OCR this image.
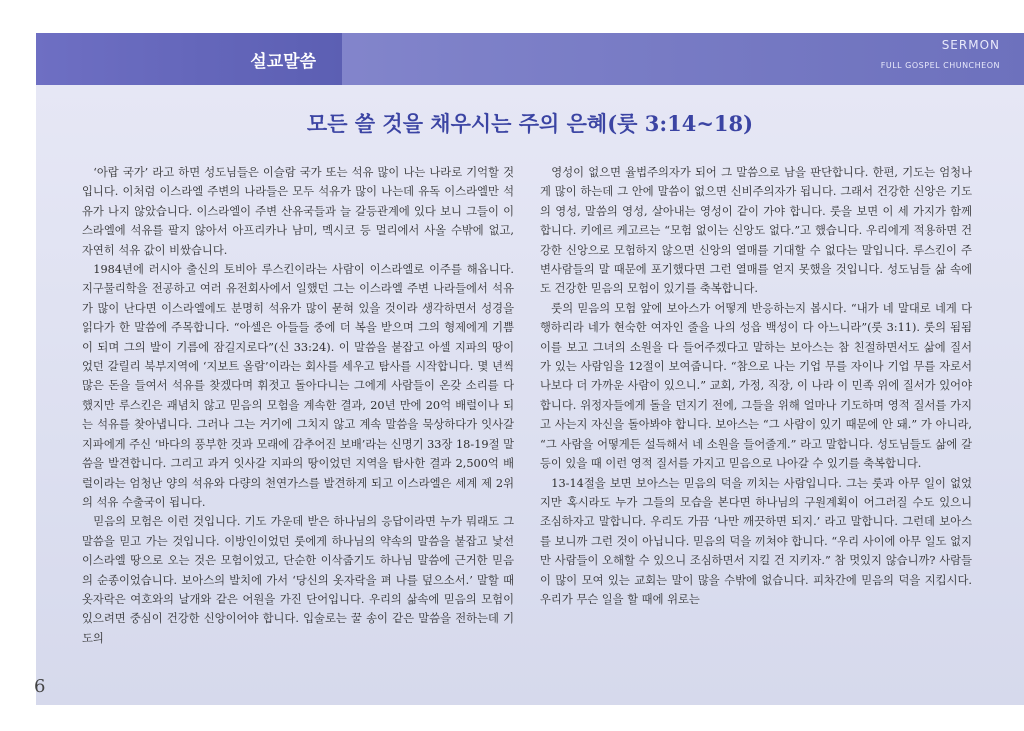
설교말씀
SERMON
FULL GOSPEL CHUNCHEON
모든 쓸 것을 채우시는 주의 은혜(룻 3:14~18)

‘아랍 국가’ 라고 하면 성도님들은 이슬람 국가 또는 석유 많이 나는 나라로 기억할 것입니다. 이처럼 이스라엘 주변의 나라들은 모두 석유가 많이 나는데 유독 이스라엘만 석유가 나지 않았습니다. 이스라엘이 주변 산유국들과 늘 갈등관계에 있다 보니 그들이 이스라엘에 석유를 팔지 않아서 아프리카나 남미, 멕시코 등 멀리에서 사올 수밖에 없고, 자연히 석유 값이 비쌌습니다.

1984년에 러시아 출신의 토비아 루스킨이라는 사람이 이스라엘로 이주를 해옵니다. 지구물리학을 전공하고 여러 유전회사에서 일했던 그는 이스라엘 주변 나라들에서 석유가 많이 난다면 이스라엘에도 분명히 석유가 많이 묻혀 있을 것이라 생각하면서 성경을 읽다가 한 말씀에 주목합니다. “아셀은 아들들 중에 더 복을 받으며 그의 형제에게 기쁨이 되며 그의 발이 기름에 잠길지로다”(신 33:24). 이 말씀을 붙잡고 아셀 지파의 땅이었던 갈릴리 북부지역에 ‘지보트 올람’이라는 회사를 세우고 탐사를 시작합니다. 몇 년씩 많은 돈을 들여서 석유를 찾겠다며 휘젓고 돌아다니는 그에게 사람들이 온갖 소리를 다 했지만 루스킨은 괘념치 않고 믿음의 모험을 계속한 결과, 20년 만에 20억 배럴이나 되는 석유를 찾아냅니다. 그러나 그는 거기에 그치지 않고 계속 말씀을 묵상하다가 잇사갈 지파에게 주신 ‘바다의 풍부한 것과 모래에 감추어진 보배’라는 신명기 33장 18-19절 말씀을 발견합니다. 그리고 과거 잇사갈 지파의 땅이었던 지역을 탐사한 결과 2,500억 배럴이라는 엄청난 양의 석유와 다량의 천연가스를 발견하게 되고 이스라엘은 세계 제 2위의 석유 수출국이 됩니다.

믿음의 모험은 이런 것입니다. 기도 가운데 받은 하나님의 응답이라면 누가 뭐래도 그 말씀을 믿고 가는 것입니다. 이방인이었던 룻에게 하나님의 약속의 말씀을 붙잡고 낯선 이스라엘 땅으로 오는 것은 모험이었고, 단순한 이삭줍기도 하나님 말씀에 근거한 믿음의 순종이었습니다. 보아스의 발치에 가서 ‘당신의 옷자락을 펴 나를 덮으소서.’ 말할 때 옷자락은 여호와의 날개와 같은 어원을 가진 단어입니다. 우리의 삶속에 믿음의 모험이 있으려면 중심이 건강한 신앙이어야 합니다. 입술로는 꿀 송이 같은 말씀을 전하는데 기도의

영성이 없으면 율법주의자가 되어 그 말씀으로 남을 판단합니다. 한편, 기도는 엄청나게 많이 하는데 그 안에 말씀이 없으면 신비주의자가 됩니다. 그래서 건강한 신앙은 기도의 영성, 말씀의 영성, 살아내는 영성이 같이 가야 합니다. 룻을 보면 이 세 가지가 함께 합니다. 키에르 케고르는 “모험 없이는 신앙도 없다.”고 했습니다. 우리에게 적용하면 건강한 신앙으로 모험하지 않으면 신앙의 열매를 기대할 수 없다는 말입니다. 루스킨이 주변사람들의 말 때문에 포기했다면 그런 열매를 얻지 못했을 것입니다. 성도님들 삶 속에도 건강한 믿음의 모험이 있기를 축복합니다.

룻의 믿음의 모험 앞에 보아스가 어떻게 반응하는지 봅시다. “내가 네 말대로 네게 다 행하리라 네가 현숙한 여자인 줄을 나의 성읍 백성이 다 아느니라”(룻 3:11). 룻의 됨됨이를 보고 그녀의 소원을 다 들어주겠다고 말하는 보아스는 참 친절하면서도 삶에 질서가 있는 사람임을 12절이 보여줍니다. “참으로 나는 기업 무를 자이나 기업 무를 자로서 나보다 더 가까운 사람이 있으니.” 교회, 가정, 직장, 이 나라 이 민족 위에 질서가 있어야 합니다. 위정자들에게 돌을 던지기 전에, 그들을 위해 얼마나 기도하며 영적 질서를 가지고 사는지 자신을 돌아봐야 합니다. 보아스는 “그 사람이 있기 때문에 안 돼.” 가 아니라, “그 사람을 어떻게든 설득해서 네 소원을 들어줄게.” 라고 말합니다. 성도님들도 삶에 갈등이 있을 때 이런 영적 질서를 가지고 믿음으로 나아갈 수 있기를 축복합니다.

13-14절을 보면 보아스는 믿음의 덕을 끼치는 사람입니다. 그는 룻과 아무 일이 없었지만 혹시라도 누가 그들의 모습을 본다면 하나님의 구원계획이 어그러질 수도 있으니 조심하자고 말합니다. 우리도 가끔 ‘나만 깨끗하면 되지.’ 라고 말합니다. 그런데 보아스를 보니까 그런 것이 아닙니다. 믿음의 덕을 끼쳐야 합니다. “우리 사이에 아무 일도 없지만 사람들이 오해할 수 있으니 조심하면서 지킬 건 지키자.” 참 멋있지 않습니까? 사람들이 많이 모여 있는 교회는 말이 많을 수밖에 없습니다. 피차간에 믿음의 덕을 지킵시다. 우리가 무슨 일을 할 때에 위로는

6
